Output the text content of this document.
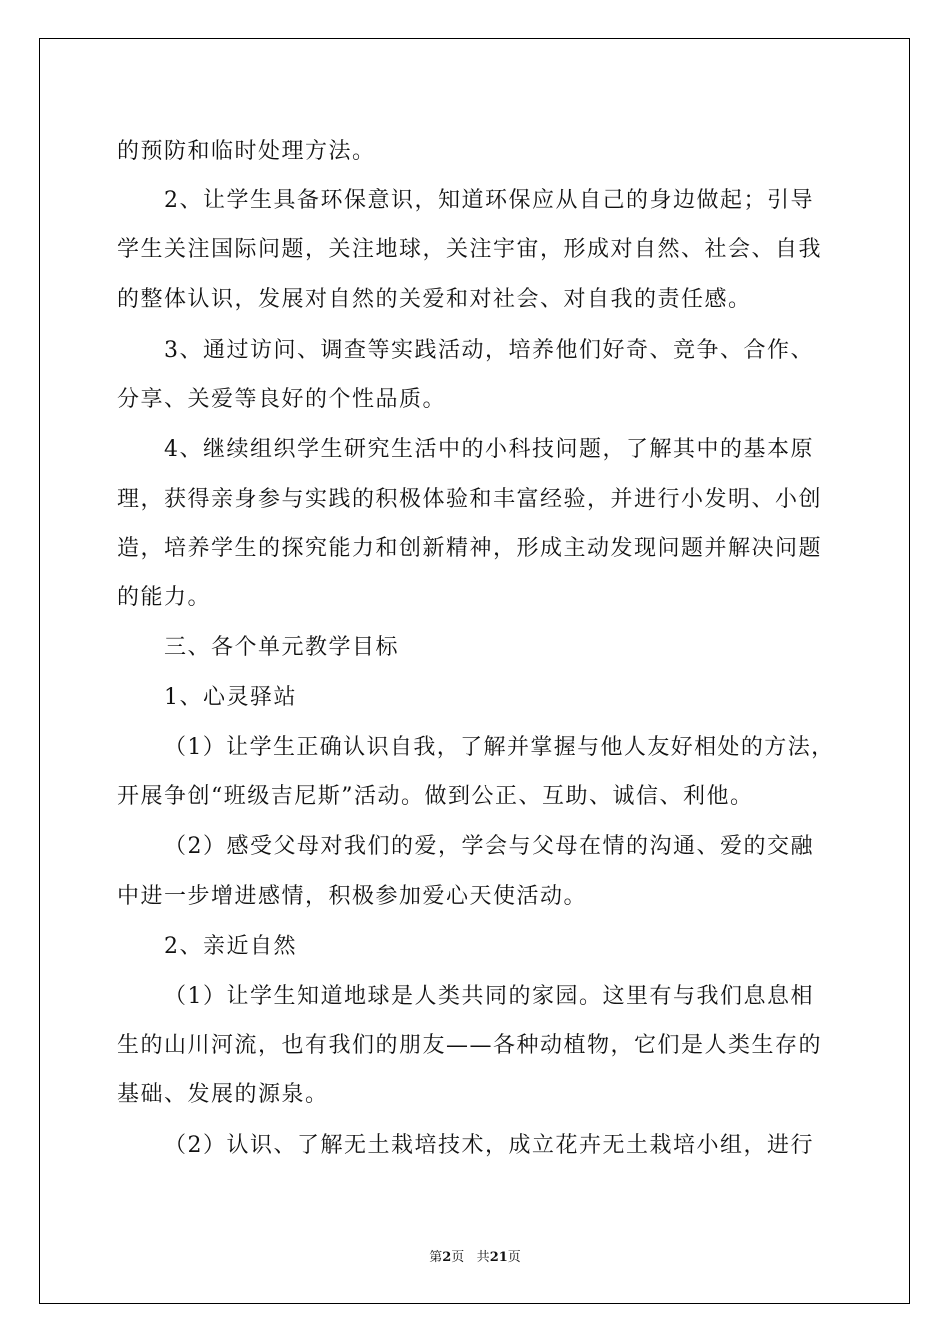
的预防和临时处理方法。
2、让学生具备环保意识，知道环保应从自己的身边做起；引导
学生关注国际问题，关注地球，关注宇宙，形成对自然、社会、自我
的整体认识，发展对自然的关爱和对社会、对自我的责任感。
3、通过访问、调查等实践活动，培养他们好奇、竞争、合作、
分享、关爱等良好的个性品质。
4、继续组织学生研究生活中的小科技问题，了解其中的基本原
理，获得亲身参与实践的积极体验和丰富经验，并进行小发明、小创
造，培养学生的探究能力和创新精神，形成主动发现问题并解决问题
的能力。
三、各个单元教学目标
1、心灵驿站
（1）让学生正确认识自我，了解并掌握与他人友好相处的方法，
开展争创“班级吉尼斯”活动。做到公正、互助、诚信、利他。
（2）感受父母对我们的爱，学会与父母在情的沟通、爱的交融
中进一步增进感情，积极参加爱心天使活动。
2、亲近自然
（1）让学生知道地球是人类共同的家园。这里有与我们息息相
生的山川河流，也有我们的朋友——各种动植物，它们是人类生存的
基础、发展的源泉。
（2）认识、了解无土栽培技术，成立花卉无土栽培小组，进行
第2页 共21页
